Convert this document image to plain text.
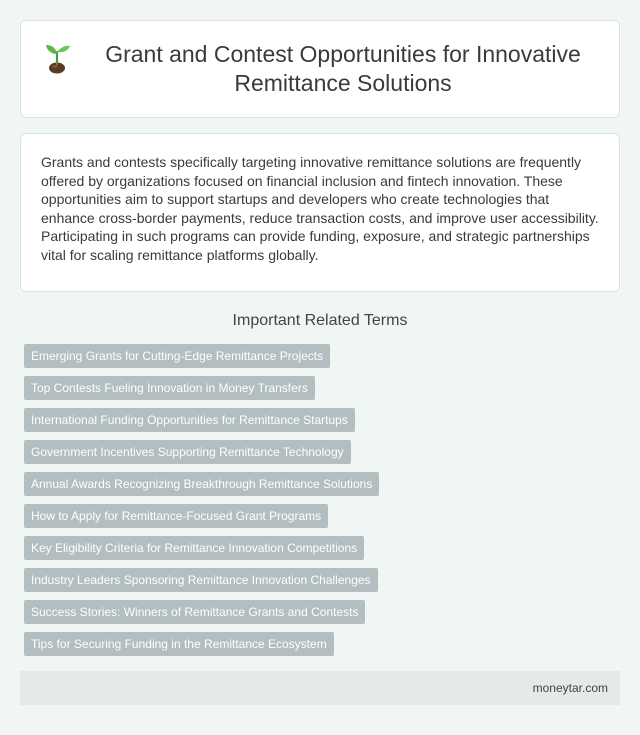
Grant and Contest Opportunities for Innovative Remittance Solutions

Grants and contests specifically targeting innovative remittance solutions are frequently offered by organizations focused on financial inclusion and fintech innovation. These opportunities aim to support startups and developers who create technologies that enhance cross-border payments, reduce transaction costs, and improve user accessibility. Participating in such programs can provide funding, exposure, and strategic partnerships vital for scaling remittance platforms globally.

Important Related Terms
Emerging Grants for Cutting-Edge Remittance Projects
Top Contests Fueling Innovation in Money Transfers
International Funding Opportunities for Remittance Startups
Government Incentives Supporting Remittance Technology
Annual Awards Recognizing Breakthrough Remittance Solutions
How to Apply for Remittance-Focused Grant Programs
Key Eligibility Criteria for Remittance Innovation Competitions
Industry Leaders Sponsoring Remittance Innovation Challenges
Success Stories: Winners of Remittance Grants and Contests
Tips for Securing Funding in the Remittance Ecosystem
moneytar.com
